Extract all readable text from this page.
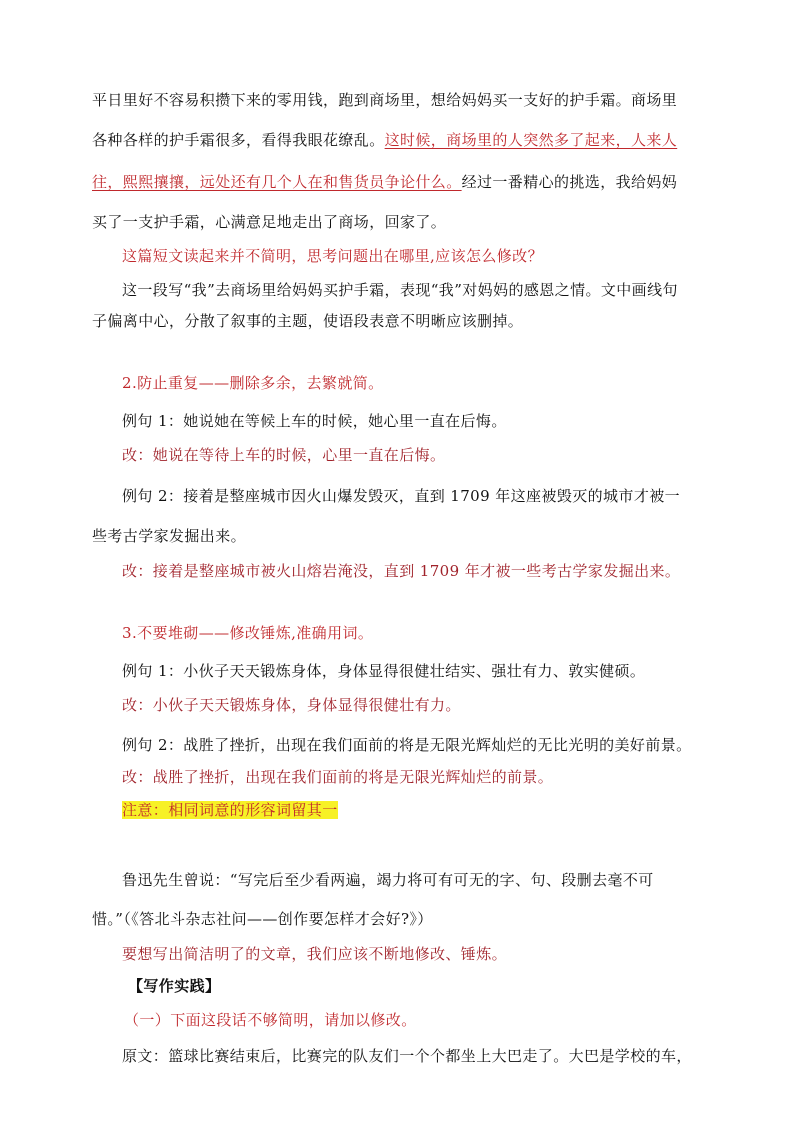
平日里好不容易积攒下来的零用钱，跑到商场里，想给妈妈买一支好的护手霜。商场里
各种各样的护手霜很多，看得我眼花缭乱。这时候，商场里的人突然多了起来，人来人
往，熙熙攘攘，远处还有几个人在和售货员争论什么。经过一番精心的挑选，我给妈妈
买了一支护手霜，心满意足地走出了商场，回家了。
这篇短文读起来并不简明，思考问题出在哪里,应该怎么修改？
这一段写“我”去商场里给妈妈买护手霜，表现“我”对妈妈的感恩之情。文中画线句
子偏离中心，分散了叙事的主题，使语段表意不明晰应该删掉。
2.防止重复——删除多余，去繁就简。
例句 1：她说她在等候上车的时候，她心里一直在后悔。
改：她说在等待上车的时候，心里一直在后悔。
例句 2：接着是整座城市因火山爆发毁灭，直到 1709 年这座被毁灭的城市才被一
些考古学家发掘出来。
改：接着是整座城市被火山熔岩淹没，直到 1709 年才被一些考古学家发掘出来。
3.不要堆砌——修改锤炼,准确用词。
例句 1：小伙子天天锻炼身体，身体显得很健壮结实、强壮有力、敦实健硕。
改：小伙子天天锻炼身体，身体显得很健壮有力。
例句 2：战胜了挫折，出现在我们面前的将是无限光辉灿烂的无比光明的美好前景。
改：战胜了挫折，出现在我们面前的将是无限光辉灿烂的前景。
注意：相同词意的形容词留其一
鲁迅先生曾说：“写完后至少看两遍，竭力将可有可无的字、句、段删去毫不可
惜。”（《答北斗杂志社问——创作要怎样才会好?》）
要想写出简洁明了的文章，我们应该不断地修改、锤炼。
【写作实践】
（一）下面这段话不够简明，请加以修改。
原文：篮球比赛结束后，比赛完的队友们一个个都坐上大巴走了。大巴是学校的车，
